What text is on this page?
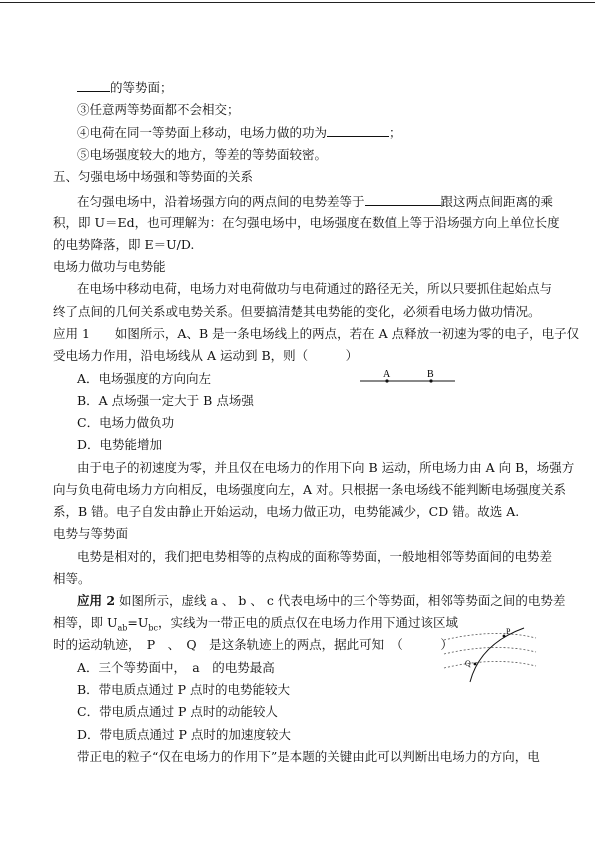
的等势面；
③任意两等势面都不会相交；
④电荷在同一等势面上移动，电场力做的功为	；
⑤电场强度较大的地方，等差的等势面较密。
五、匀强电场中场强和等势面的关系
在匀强电场中，沿着场强方向的两点间的电势差等于	跟这两点间距离的乘
积，即 U＝Ed，也可理解为：在匀强电场中，电场强度在数值上等于沿场强方向上单位长度
的电势降落，即 E＝U/D.
电场力做功与电势能
在电场中移动电荷，电场力对电荷做功与电荷通过的路径无关，所以只要抓住起始点与
终了点间的几何关系或电势关系。但要搞清楚其电势能的变化，必须看电场力做功情况。
应用 1　　如图所示，A、B 是一条电场线上的两点，若在 A 点释放一初速为零的电子，电子仅
受电场力作用，沿电场线从 A 运动到 B，则（　　　）
A．电场强度的方向向左
B．A 点场强一定大于 B 点场强
C．电场力做负功
D．电势能增加
A	B
由于电子的初速度为零，并且仅在电场力的作用下向 B 运动，所电场力由 A 向 B，场强方
向与负电荷电场力方向相反，电场强度向左，A 对。只根据一条电场线不能判断电场强度关系
系，B 错。电子自发由静止开始运动，电场力做正功，电势能减少，CD 错。故选 A.
电势与等势面
电势是相对的，我们把电势相等的点构成的面称等势面，一般地相邻等势面间的电势差
相等。
应用 2 如图所示，虚线 a 、 b 、 c 代表电场中的三个等势面，相邻等势面之间的电势差
相等，即 $U_{ab}=U_{bc}$，实线为一带正电的质点仅在电场力作用下通过该区域
时的运动轨迹，　P　、　Q　是这条轨迹上的两点，据此可知　（　　　）
A．三个等势面中，　a　的电势最高
B．带电质点通过 P 点时的电势能较大
C．带电质点通过 P 点时的动能较人
D．带电质点通过 P 点时的加速度较大
P
Q
带正电的粒子“仅在电场力的作用下”是本题的关键由此可以判断出电场力的方向，电
